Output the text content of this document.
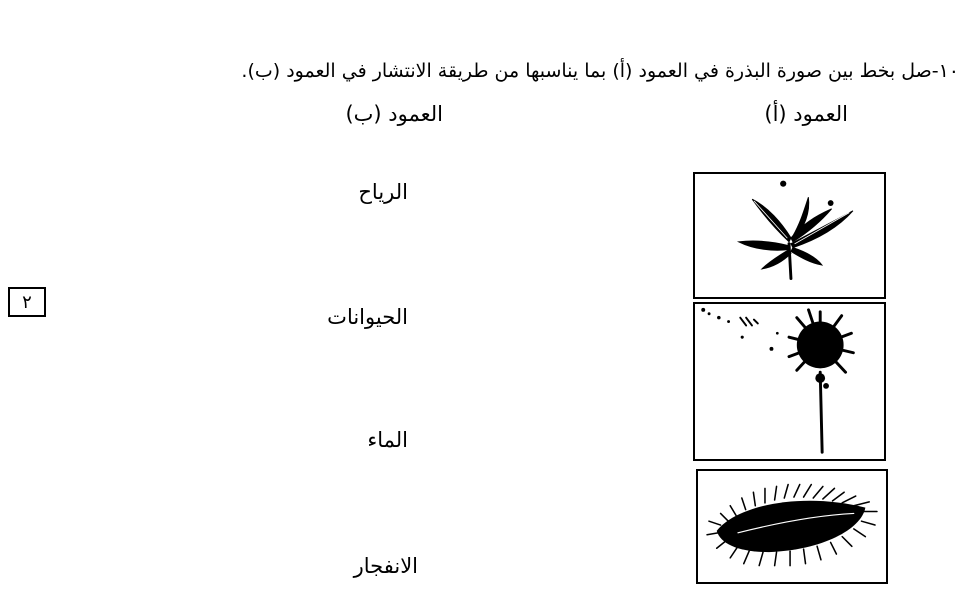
١٠-صل بخط بين صورة البذرة في العمود (أ) بما يناسبها من طريقة الانتشار في العمود (ب).
العمود (أ)
العمود (ب)
الرياح
الحيوانات
الماء
الانفجار
٢
